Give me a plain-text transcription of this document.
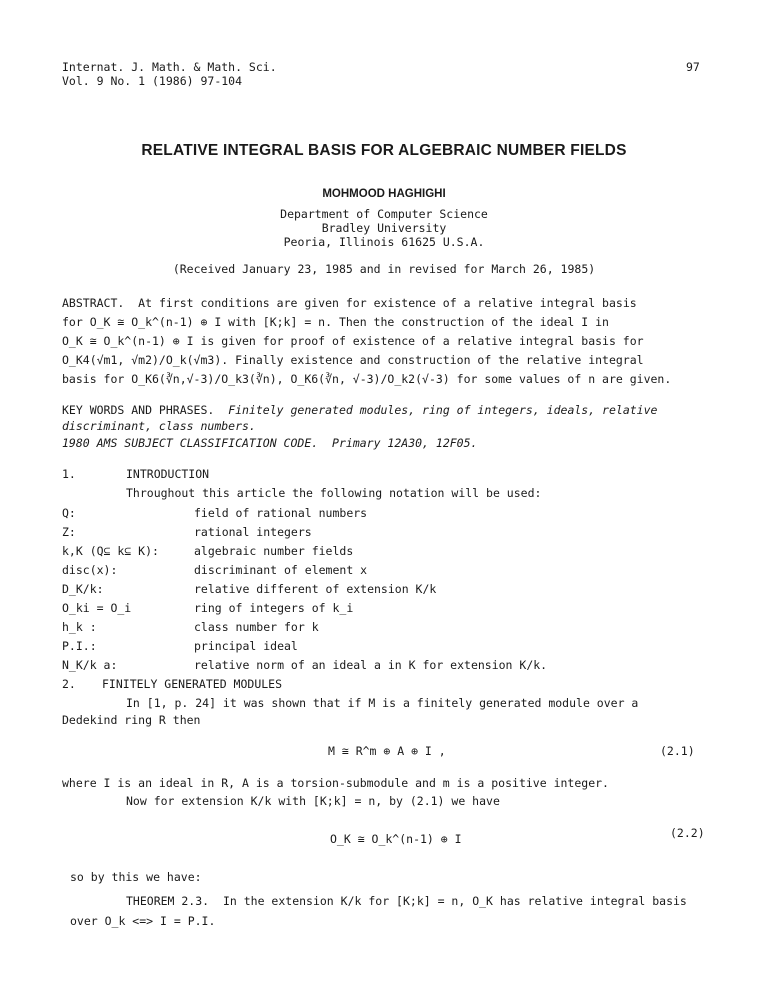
Internat. J. Math. & Math. Sci.
Vol. 9 No. 1 (1986) 97-104
97
RELATIVE INTEGRAL BASIS FOR ALGEBRAIC NUMBER FIELDS
MOHMOOD HAGHIGHI
Department of Computer Science
Bradley University
Peoria, Illinois 61625 U.S.A.
(Received January 23, 1985 and in revised for March 26, 1985)
ABSTRACT. At first conditions are given for existence of a relative integral basis
for O_K ≅ O_k^(n-1) ⊕ I with [K;k] = n. Then the construction of the ideal I in
O_K ≅ O_k^(n-1) ⊕ I is given for proof of existence of a relative integral basis for
O_K4(√m1, √m2)/O_k(√m3). Finally existence and construction of the relative integral
basis for O_K6(∛n,√-3)/O_k3(∛n), O_K6(∛n, √-3)/O_k2(√-3) for some values of n are given.
KEY WORDS AND PHRASES. Finitely generated modules, ring of integers, ideals, relative
discriminant, class numbers.
1980 AMS SUBJECT CLASSIFICATION CODE. Primary 12A30, 12F05.
1.	INTRODUCTION
Throughout this article the following notation will be used:
Q:	field of rational numbers
Z:	rational integers
k,K (Q⊆ k⊆ K):	algebraic number fields
disc(x):	discriminant of element x
D_K/k:	relative different of extension K/k
O_ki = O_i	ring of integers of k_i
h_k :	class number for k
P.I.:	principal ideal
N_K/k a:	relative norm of an ideal a in K for extension K/k.
2. FINITELY GENERATED MODULES
In [1, p. 24] it was shown that if M is a finitely generated module over a
Dedekind ring R then
M ≅ R^m ⊕ A ⊕ I ,	(2.1)
where I is an ideal in R, A is a torsion-submodule and m is a positive integer.
Now for extension K/k with [K;k] = n, by (2.1) we have
O_K ≅ O_k^(n-1) ⊕ I	(2.2)
so by this we have:
THEOREM 2.3. In the extension K/k for [K;k] = n, O_K has relative integral basis
over O_k <=> I = P.I.
